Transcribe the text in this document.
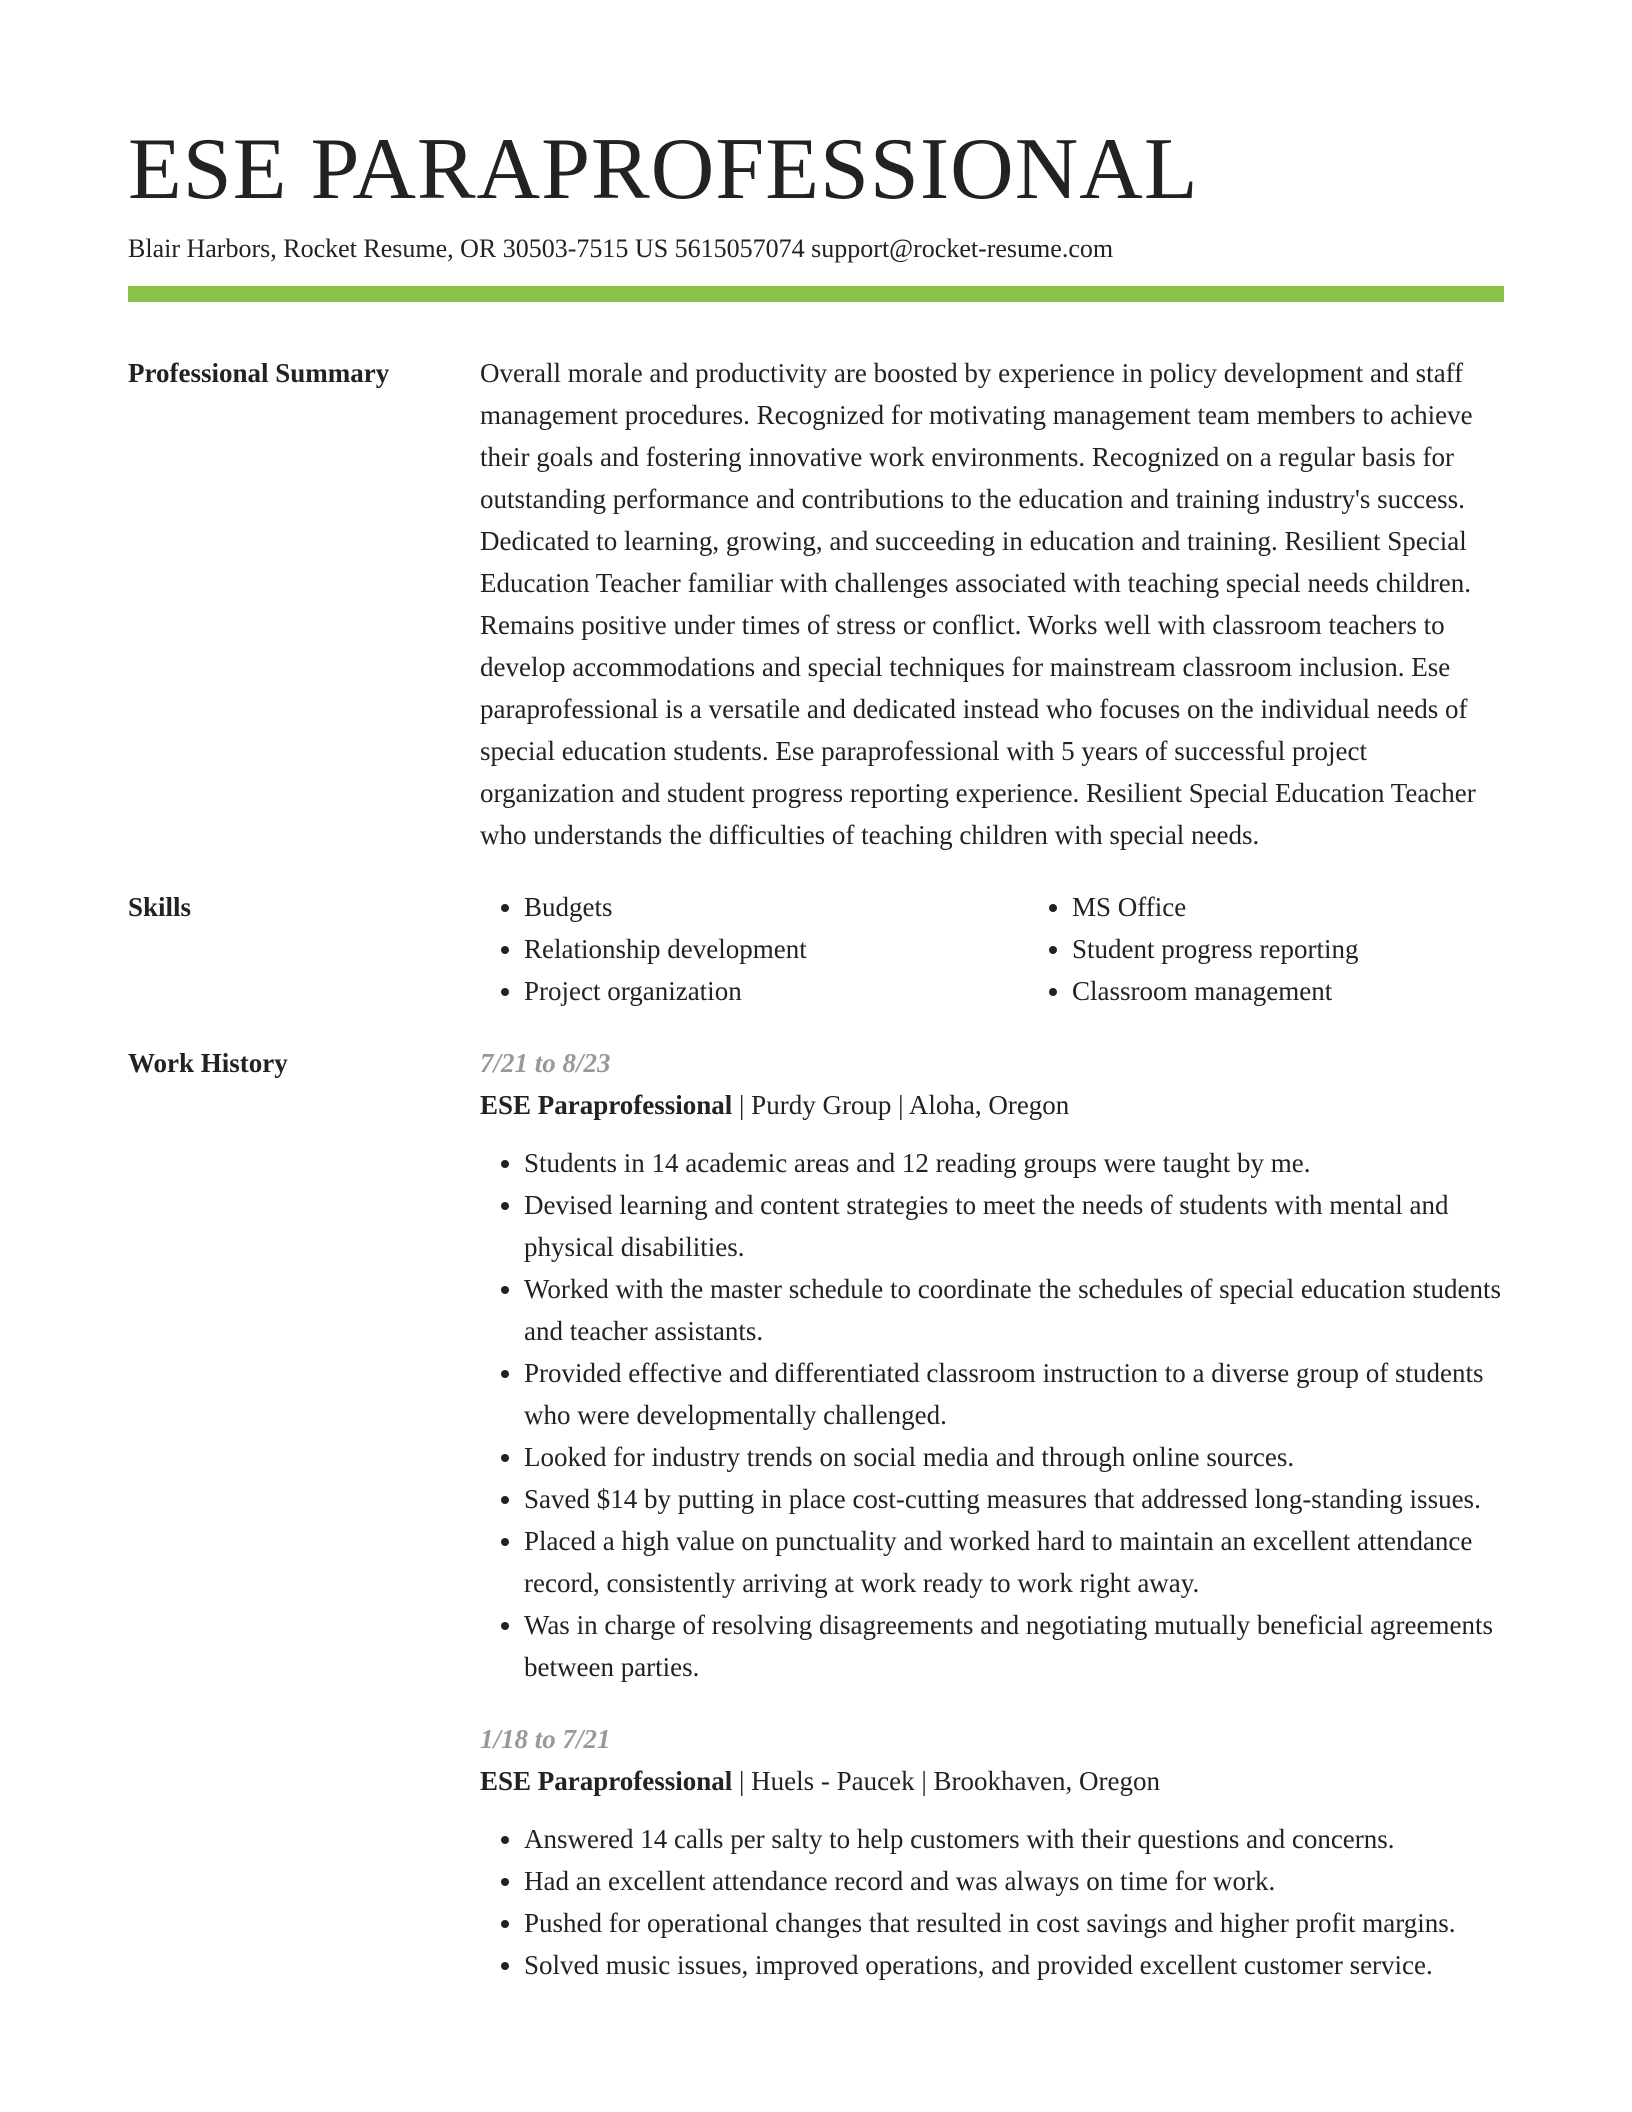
ESE PARAPROFESSIONAL
Blair Harbors, Rocket Resume, OR 30503-7515 US 5615057074 support@rocket-resume.com
Professional Summary	Overall morale and productivity are boosted by experience in policy development and staff management procedures. Recognized for motivating management team members to achieve their goals and fostering innovative work environments. Recognized on a regular basis for outstanding performance and contributions to the education and training industry's success. Dedicated to learning, growing, and succeeding in education and training. Resilient Special Education Teacher familiar with challenges associated with teaching special needs children. Remains positive under times of stress or conflict. Works well with classroom teachers to develop accommodations and special techniques for mainstream classroom inclusion. Ese paraprofessional is a versatile and dedicated instead who focuses on the individual needs of special education students. Ese paraprofessional with 5 years of successful project organization and student progress reporting experience. Resilient Special Education Teacher who understands the difficulties of teaching children with special needs.

Skills
•	Budgets
• Relationship development
• Project organization
• MS Office
• Student progress reporting
• Classroom management
Work History	7/21 to 8/23
ESE Paraprofessional | Purdy Group | Aloha, Oregon
• Students in 14 academic areas and 12 reading groups were taught by me.
• Devised learning and content strategies to meet the needs of students with mental and physical disabilities.
• Worked with the master schedule to coordinate the schedules of special education students and teacher assistants.
• Provided effective and differentiated classroom instruction to a diverse group of students who were developmentally challenged.
• Looked for industry trends on social media and through online sources.
• Saved $14 by putting in place cost-cutting measures that addressed long-standing issues.
• Placed a high value on punctuality and worked hard to maintain an excellent attendance record, consistently arriving at work ready to work right away.
• Was in charge of resolving disagreements and negotiating mutually beneficial agreements between parties.
1/18 to 7/21
ESE Paraprofessional | Huels - Paucek | Brookhaven, Oregon
• Answered 14 calls per salty to help customers with their questions and concerns.
• Had an excellent attendance record and was always on time for work.
• Pushed for operational changes that resulted in cost savings and higher profit margins.
• Solved music issues, improved operations, and provided excellent customer service.
